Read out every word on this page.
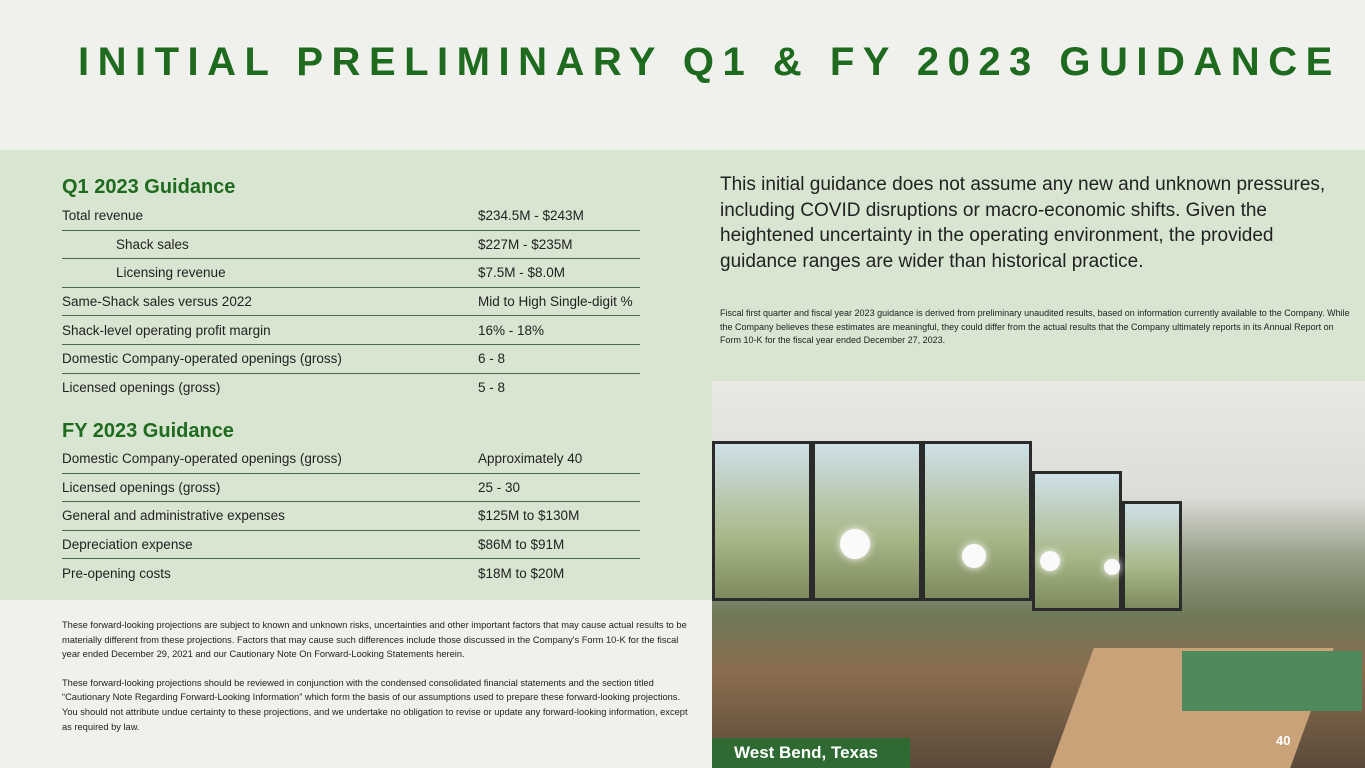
INITIAL PRELIMINARY Q1 & FY 2023 GUIDANCE
Q1 2023 Guidance
Total revenue	$234.5M - $243M
Shack sales	$227M - $235M
Licensing revenue	$7.5M - $8.0M
Same-Shack sales versus 2022	Mid to High Single-digit %
Shack-level operating profit margin	16% - 18%
Domestic Company-operated openings (gross)	6 - 8
Licensed openings (gross)	5 - 8
FY 2023 Guidance
Domestic Company-operated openings (gross)	Approximately 40
Licensed openings (gross)	25 - 30
General and administrative expenses	$125M to $130M
Depreciation expense	$86M to $91M
Pre-opening costs	$18M to $20M
This initial guidance does not assume any new and unknown pressures, including COVID disruptions or macro-economic shifts. Given the heightened uncertainty in the operating environment, the provided guidance ranges are wider than historical practice.
Fiscal first quarter and fiscal year 2023 guidance is derived from preliminary unaudited results, based on information currently available to the Company. While the Company believes these estimates are meaningful, they could differ from the actual results that the Company ultimately reports in its Annual Report on Form 10-K for the fiscal year ended December 27, 2023.

These forward-looking projections are subject to known and unknown risks, uncertainties and other important factors that may cause actual results to be materially different from these projections. Factors that may cause such differences include those discussed in the Company's Form 10-K for the fiscal year ended December 29, 2021 and our Cautionary Note On Forward-Looking Statements herein.

These forward-looking projections should be reviewed in conjunction with the condensed consolidated financial statements and the section titled “Cautionary Note Regarding Forward-Looking Information” which form the basis of our assumptions used to prepare these forward-looking projections. You should not attribute undue certainty to these projections, and we undertake no obligation to revise or update any forward-looking information, except as required by law.

West Bend, Texas
40
